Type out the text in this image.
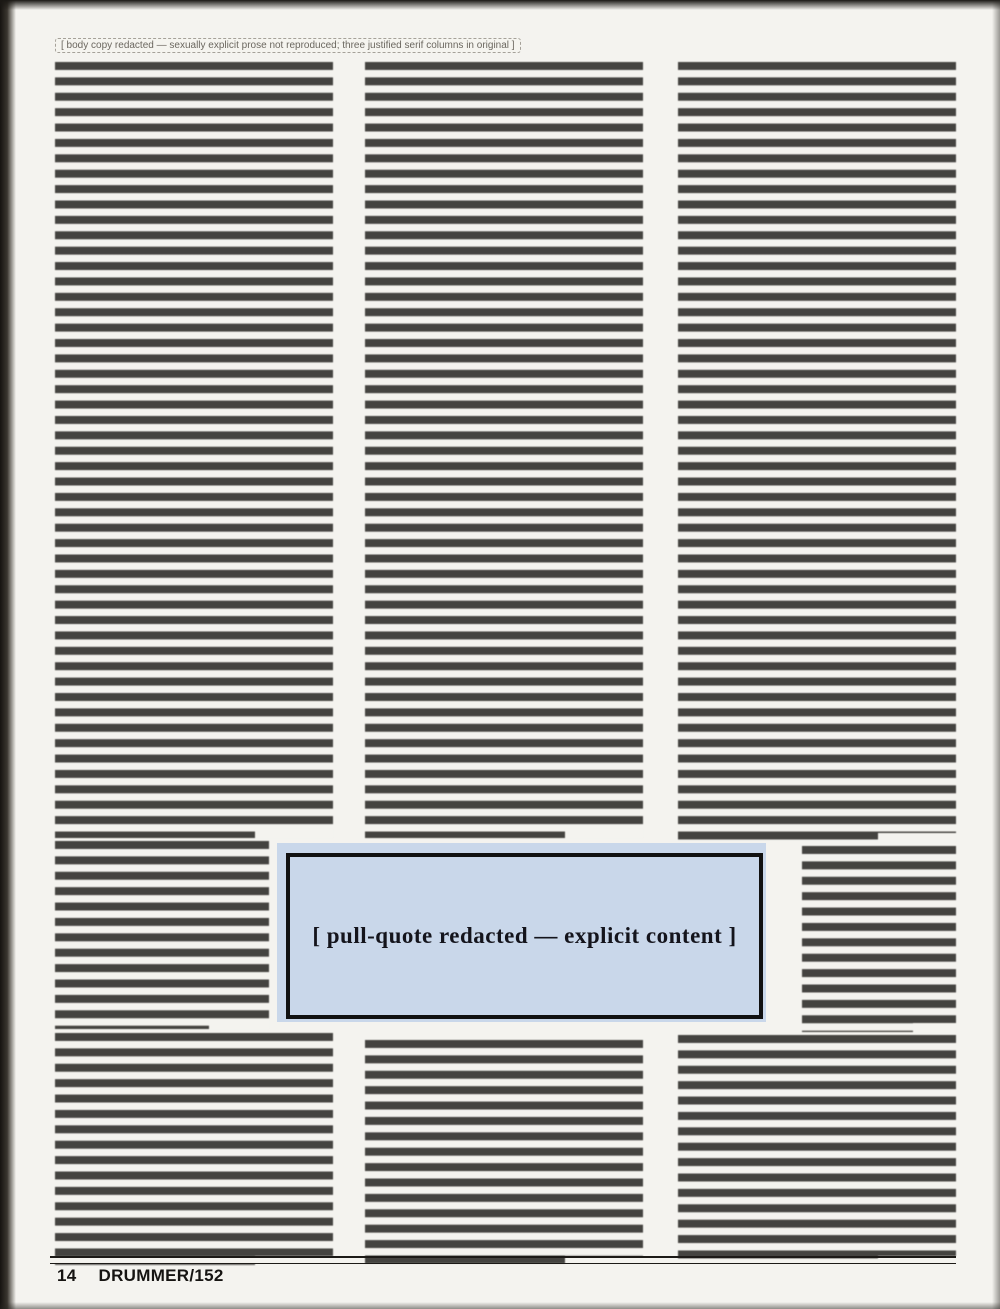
[ body copy redacted — sexually explicit prose not reproduced; three justified serif columns in original ]
[ pull-quote redacted — explicit content ]
14 DRUMMER/152
